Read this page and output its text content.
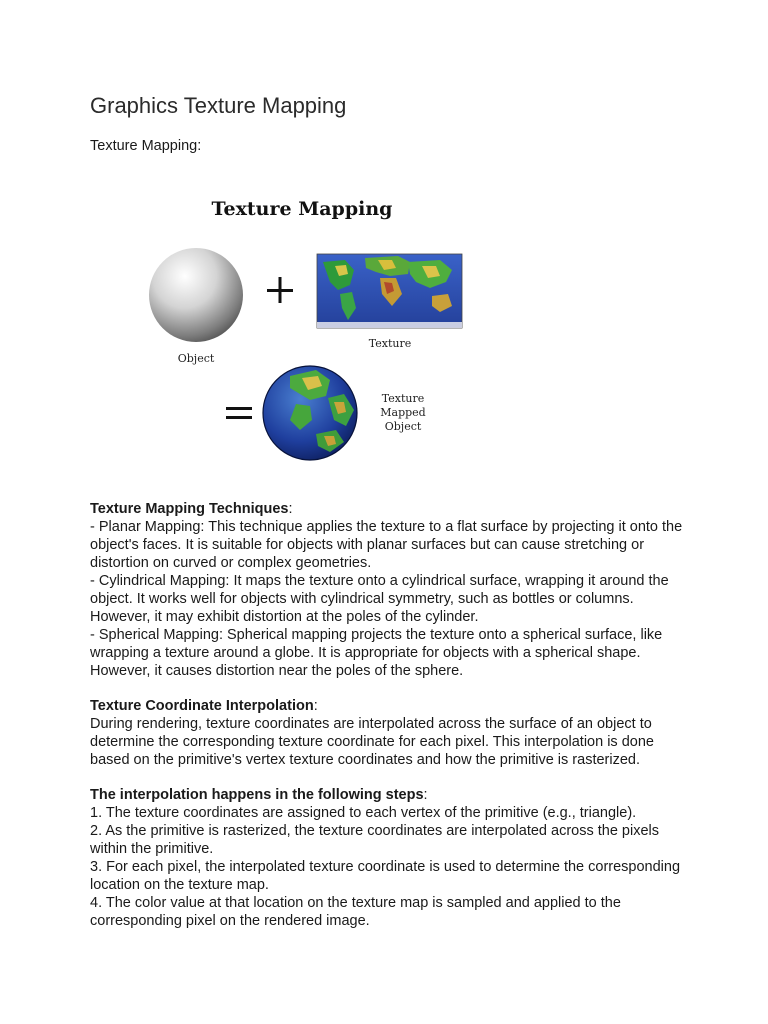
Graphics Texture Mapping

Texture Mapping:

Texture Mapping
Object
Texture
Texture
Mapped
Object

Texture Mapping Techniques:
- Planar Mapping: This technique applies the texture to a flat surface by projecting it onto the object's faces. It is suitable for objects with planar surfaces but can cause stretching or distortion on curved or complex geometries.
- Cylindrical Mapping: It maps the texture onto a cylindrical surface, wrapping it around the object. It works well for objects with cylindrical symmetry, such as bottles or columns. However, it may exhibit distortion at the poles of the cylinder.
- Spherical Mapping: Spherical mapping projects the texture onto a spherical surface, like wrapping a texture around a globe. It is appropriate for objects with a spherical shape. However, it causes distortion near the poles of the sphere.

Texture Coordinate Interpolation:
During rendering, texture coordinates are interpolated across the surface of an object to determine the corresponding texture coordinate for each pixel. This interpolation is done based on the primitive's vertex texture coordinates and how the primitive is rasterized.

The interpolation happens in the following steps:
1. The texture coordinates are assigned to each vertex of the primitive (e.g., triangle).
2. As the primitive is rasterized, the texture coordinates are interpolated across the pixels within the primitive.
3. For each pixel, the interpolated texture coordinate is used to determine the corresponding location on the texture map.
4. The color value at that location on the texture map is sampled and applied to the corresponding pixel on the rendered image.
